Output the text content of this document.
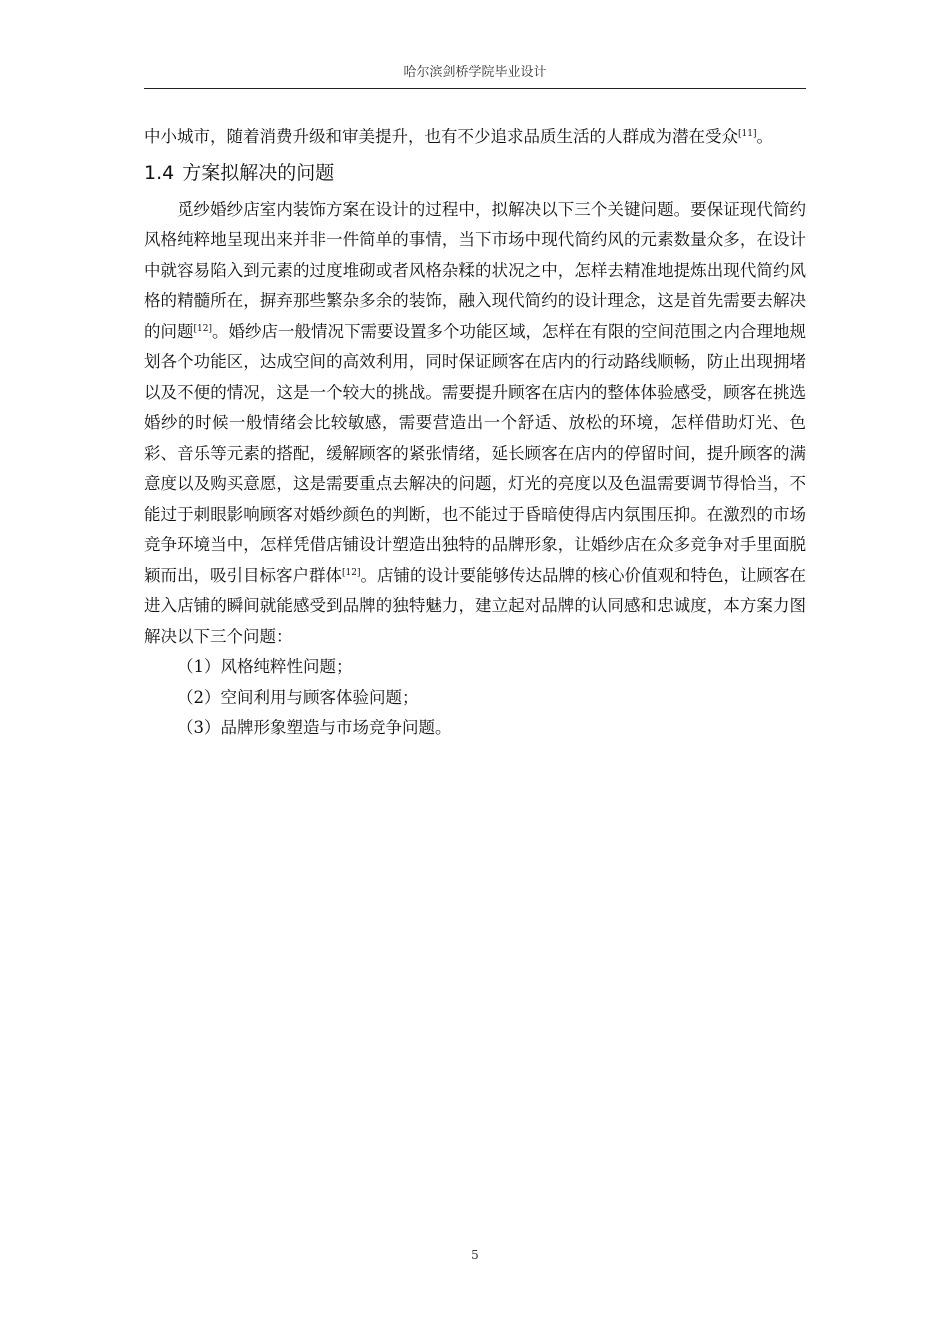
哈尔滨剑桥学院毕业设计

中小城市，随着消费升级和审美提升，也有不少追求品质生活的人群成为潜在受众[11]。

1.4 方案拟解决的问题

觅纱婚纱店室内装饰方案在设计的过程中，拟解决以下三个关键问题。要保证现代简约风格纯粹地呈现出来并非一件简单的事情，当下市场中现代简约风的元素数量众多，在设计中就容易陷入到元素的过度堆砌或者风格杂糅的状况之中，怎样去精准地提炼出现代简约风格的精髓所在，摒弃那些繁杂多余的装饰，融入现代简约的设计理念，这是首先需要去解决的问题[12]。婚纱店一般情况下需要设置多个功能区域，怎样在有限的空间范围之内合理地规划各个功能区，达成空间的高效利用，同时保证顾客在店内的行动路线顺畅，防止出现拥堵以及不便的情况，这是一个较大的挑战。需要提升顾客在店内的整体体验感受，顾客在挑选婚纱的时候一般情绪会比较敏感，需要营造出一个舒适、放松的环境，怎样借助灯光、色彩、音乐等元素的搭配，缓解顾客的紧张情绪，延长顾客在店内的停留时间，提升顾客的满意度以及购买意愿，这是需要重点去解决的问题，灯光的亮度以及色温需要调节得恰当，不能过于刺眼影响顾客对婚纱颜色的判断，也不能过于昏暗使得店内氛围压抑。在激烈的市场竞争环境当中，怎样凭借店铺设计塑造出独特的品牌形象，让婚纱店在众多竞争对手里面脱颖而出，吸引目标客户群体[12]。店铺的设计要能够传达品牌的核心价值观和特色，让顾客在进入店铺的瞬间就能感受到品牌的独特魅力，建立起对品牌的认同感和忠诚度，本方案力图解决以下三个问题：

（1）风格纯粹性问题；

（2）空间利用与顾客体验问题；

（3）品牌形象塑造与市场竞争问题。

5
